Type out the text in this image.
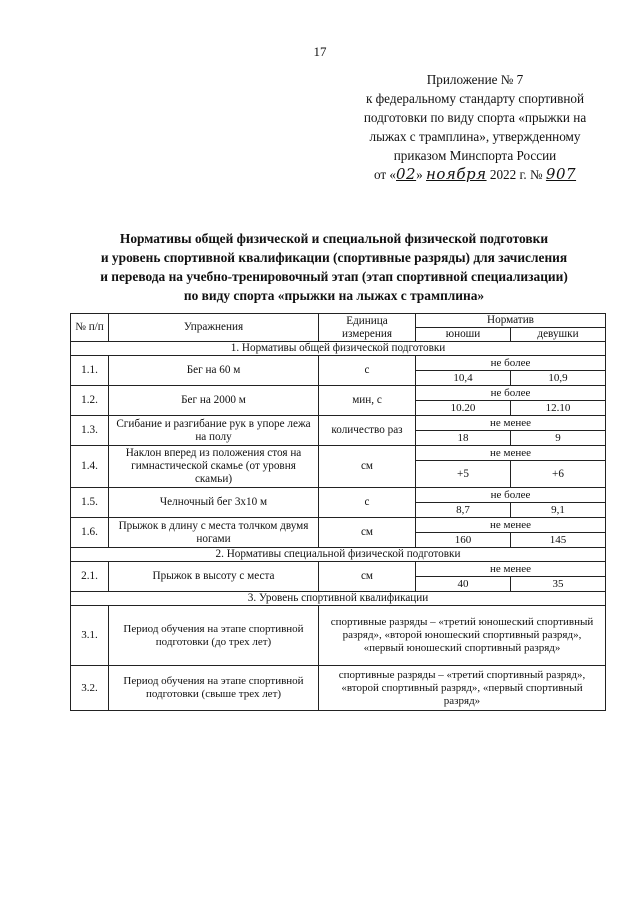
17
Приложение № 7
к федеральному стандарту спортивной
подготовки по виду спорта «прыжки на
лыжах с трамплина», утвержденному
приказом Минспорта России
от «02» ноября 2022 г. № 907
Нормативы общей физической и специальной физической подготовки
и уровень спортивной квалификации (спортивные разряды) для зачисления
и перевода на учебно-тренировочный этап (этап спортивной специализации)
по виду спорта «прыжки на лыжах с трамплина»
№ п/п	Упражнения	Единица измерения	Норматив	
			юноши	девушки
1. Нормативы общей физической подготовки				
1.1.	Бег на 60 м	с	не более	
			10,4	10,9
1.2.	Бег на 2000 м	мин, с	не более	
			10.20	12.10
1.3.	Сгибание и разгибание рук в упоре лежа на полу	количество раз	не менее	
			18	9
1.4.	Наклон вперед из положения стоя на гимнастической скамье (от уровня скамьи)	см	не менее	
			+5	+6
1.5.	Челночный бег 3х10 м	с	не более	
			8,7	9,1
1.6.	Прыжок в длину с места толчком двумя ногами	см	не менее	
			160	145
2. Нормативы специальной физической подготовки				
2.1.	Прыжок в высоту с места	см	не менее	
			40	35
3. Уровень спортивной квалификации				
3.1.	Период обучения на этапе спортивной подготовки (до трех лет)	спортивные разряды – «третий юношеский спортивный разряд», «второй юношеский спортивный разряд», «первый юношеский спортивный разряд»		
3.2.	Период обучения на этапе спортивной подготовки (свыше трех лет)	спортивные разряды – «третий спортивный разряд», «второй спортивный разряд», «первый спортивный разряд»		
